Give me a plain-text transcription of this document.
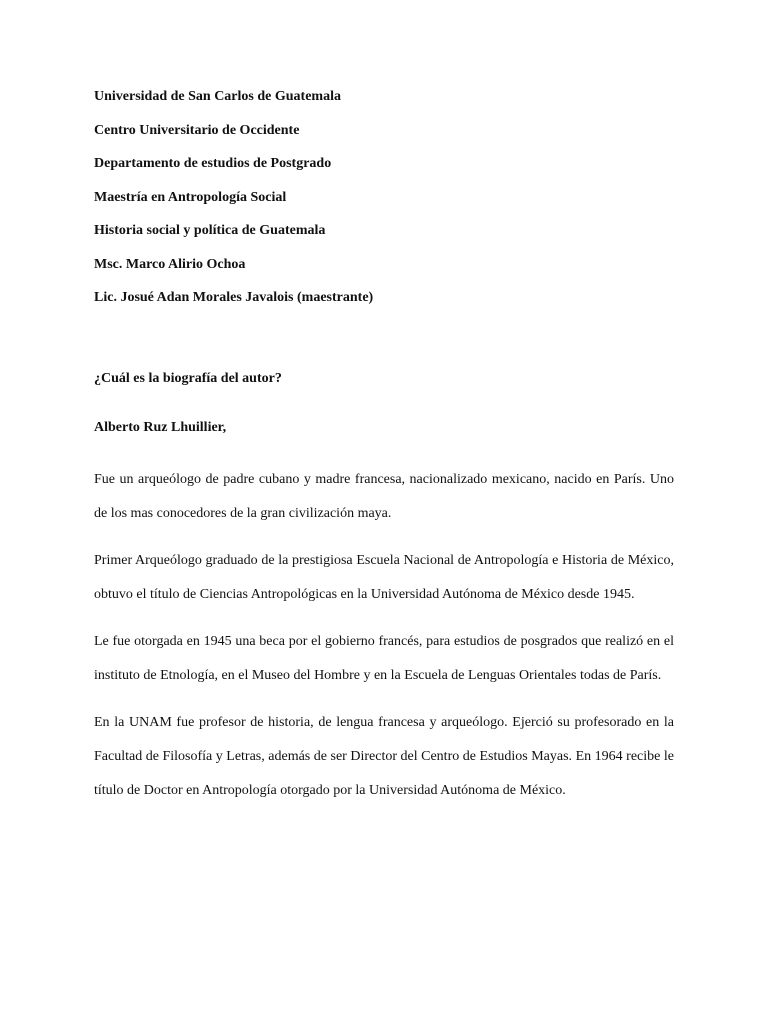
Universidad de San Carlos de Guatemala
Centro Universitario de Occidente
Departamento de estudios de Postgrado
Maestría en Antropología Social
Historia social y política de Guatemala
Msc. Marco Alirio Ochoa
Lic. Josué Adan Morales Javalois (maestrante)
¿Cuál es la biografía del autor?
Alberto Ruz Lhuillier,

Fue un arqueólogo de padre cubano y madre francesa, nacionalizado mexicano, nacido en París. Uno de los mas conocedores de la gran civilización maya.

Primer Arqueólogo graduado de la prestigiosa Escuela Nacional de Antropología e Historia de México, obtuvo el título de Ciencias Antropológicas en la Universidad Autónoma de México desde 1945.

Le fue otorgada en 1945 una beca por el gobierno francés, para estudios de posgrados que realizó en el instituto de Etnología, en el Museo del Hombre y en la Escuela de Lenguas Orientales todas de París.

En la UNAM fue profesor de historia, de lengua francesa y arqueólogo. Ejerció su profesorado en la Facultad de Filosofía y Letras, además de ser Director del Centro de Estudios Mayas. En 1964 recibe le título de Doctor en Antropología otorgado por la Universidad Autónoma de México.
